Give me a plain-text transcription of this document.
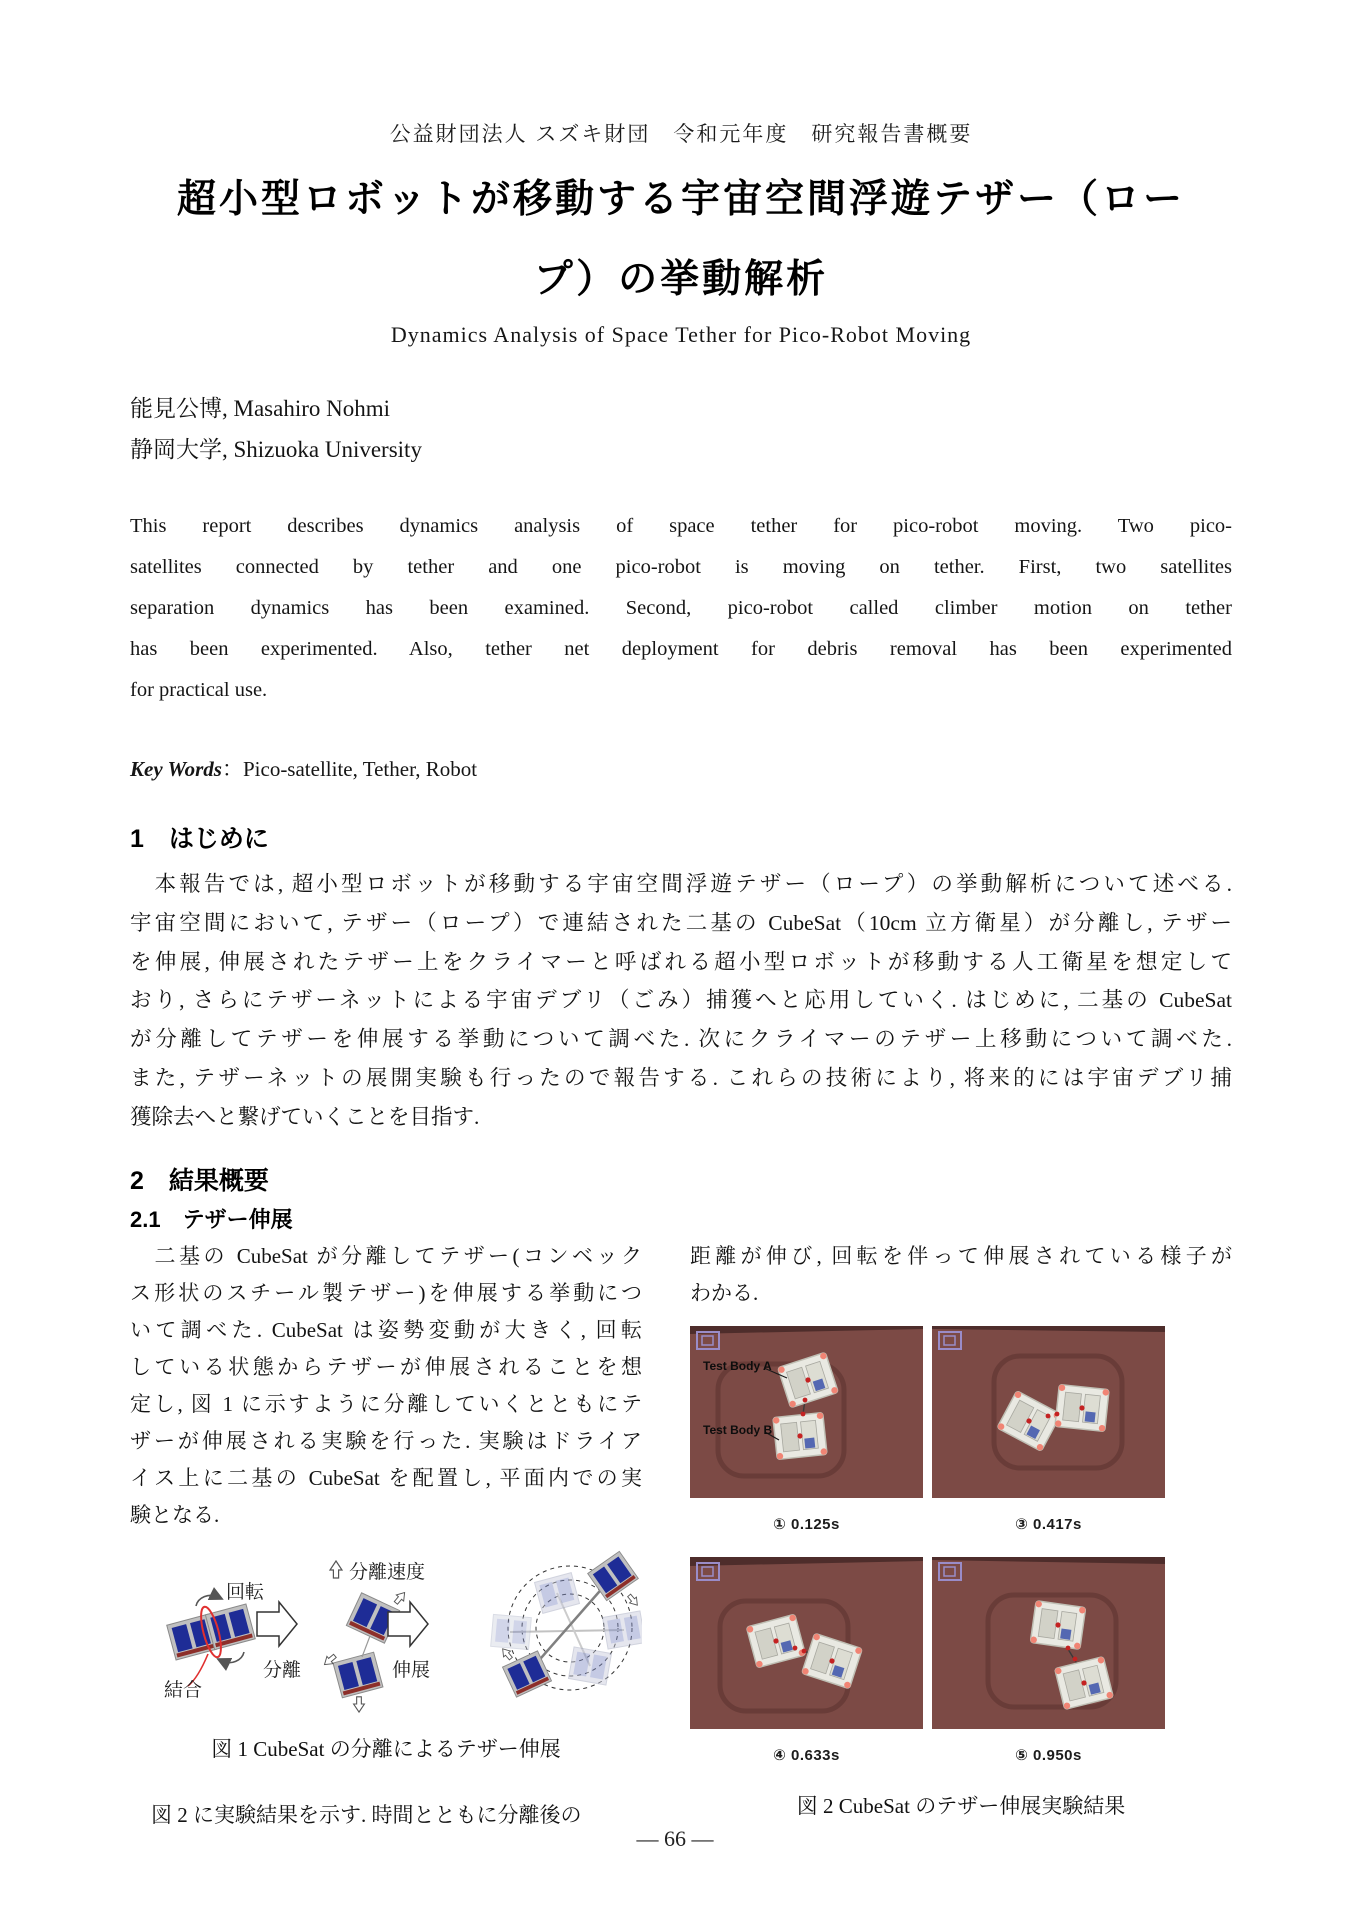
公益財団法人 スズキ財団　令和元年度　研究報告書概要
超小型ロボットが移動する宇宙空間浮遊テザー（ロー
プ）の挙動解析
Dynamics Analysis of Space Tether for Pico-Robot Moving
能見公博, Masahiro Nohmi
静岡大学, Shizuoka University
This report describes dynamics analysis of space tether for pico-robot moving. Two pico-
satellites connected by tether and one pico-robot is moving on tether. First, two satellites
separation dynamics has been examined. Second, pico-robot called climber motion on tether
has been experimented. Also, tether net deployment for debris removal has been experimented
for practical use.
Key Words：Pico-satellite, Tether, Robot
1　はじめに
　本報告では, 超小型ロボットが移動する宇宙空間浮遊テザー（ロープ）の挙動解析について述べる.
宇宙空間において, テザー（ロープ）で連結された二基の CubeSat（10cm 立方衛星）が分離し, テザー
を伸展, 伸展されたテザー上をクライマーと呼ばれる超小型ロボットが移動する人工衛星を想定して
おり, さらにテザーネットによる宇宙デブリ（ごみ）捕獲へと応用していく. はじめに, 二基の CubeSat
が分離してテザーを伸展する挙動について調べた. 次にクライマーのテザー上移動について調べた.
また, テザーネットの展開実験も行ったので報告する. これらの技術により, 将来的には宇宙デブリ捕
獲除去へと繋げていくことを目指す.
2　結果概要
2.1　テザー伸展
　二基の CubeSat が分離してテザー(コンベック
ス形状のスチール製テザー)を伸展する挙動につ
いて調べた. CubeSat は姿勢変動が大きく, 回転
している状態からテザーが伸展されることを想
定し, 図 1 に示すように分離していくとともにテ
ザーが伸展される実験を行った. 実験はドライア
イス上に二基の CubeSat を配置し, 平面内での実
験となる.
回転
結合
分離
分離速度
伸展
図 1 CubeSat の分離によるテザー伸展
　図 2 に実験結果を示す. 時間とともに分離後の
距離が伸び, 回転を伴って伸展されている様子が
わかる.
Test Body A
Test Body B
① 0.125s	③ 0.417s
④ 0.633s	⑤ 0.950s
図 2 CubeSat のテザー伸展実験結果
― 66 ―
